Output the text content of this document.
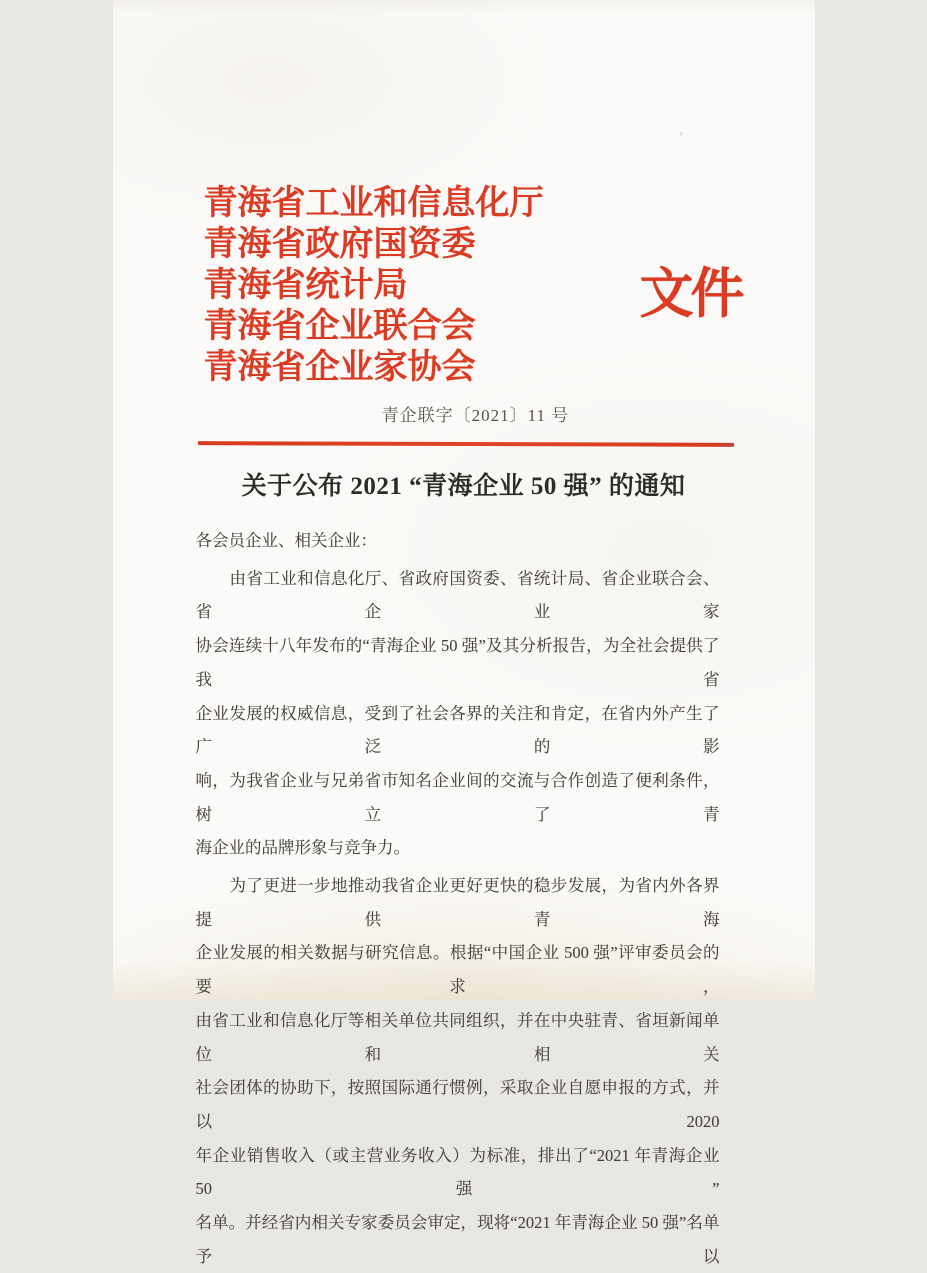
+
青海省工业和信息化厅
青海省政府国资委
青海省统计局
青海省企业联合会
青海省企业家协会
文件
青企联字〔2021〕11 号
关于公布 2021 “青海企业 50 强” 的通知
各会员企业、相关企业：
由省工业和信息化厅、省政府国资委、省统计局、省企业联合会、省企业家
协会连续十八年发布的“青海企业 50 强”及其分析报告，为全社会提供了我省
企业发展的权威信息，受到了社会各界的关注和肯定，在省内外产生了广泛的影
响，为我省企业与兄弟省市知名企业间的交流与合作创造了便利条件，树立了青
海企业的品牌形象与竞争力。
为了更进一步地推动我省企业更好更快的稳步发展，为省内外各界提供青海
企业发展的相关数据与研究信息。根据“中国企业 500 强”评审委员会的要求，
由省工业和信息化厅等相关单位共同组织，并在中央驻青、省垣新闻单位和相关
社会团体的协助下，按照国际通行惯例，采取企业自愿申报的方式，并以 2020
年企业销售收入（或主营业务收入）为标准，排出了“2021 年青海企业 50 强”
名单。并经省内相关专家委员会审定，现将“2021 年青海企业 50 强”名单予以
